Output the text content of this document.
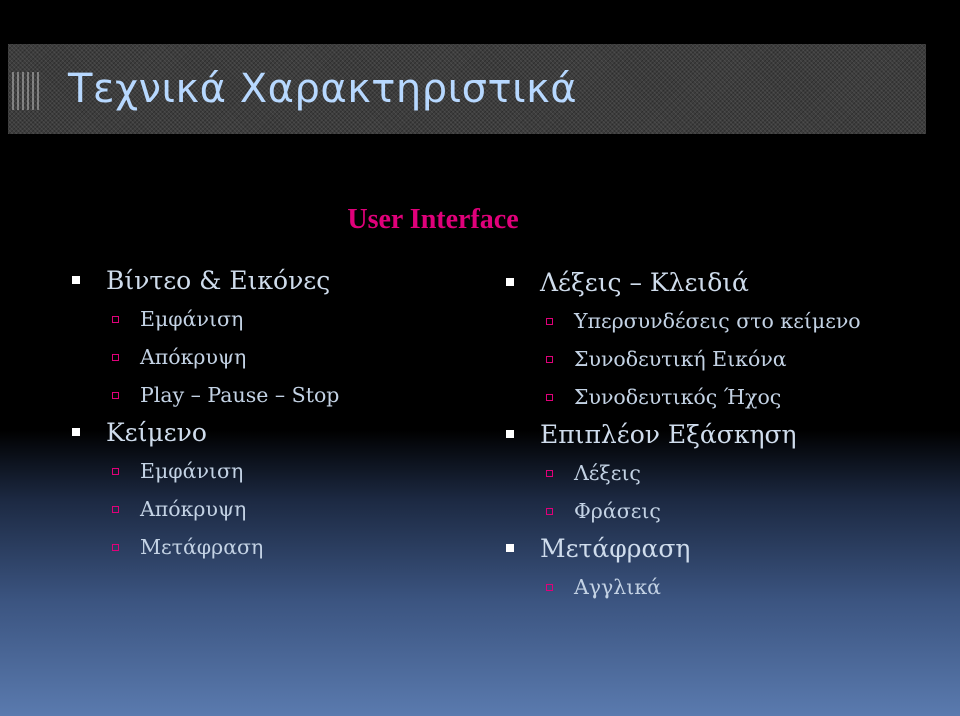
Τεχνικά Χαρακτηριστικά
User Interface
Βίντεο & Εικόνες
Εμφάνιση
Απόκρυψη
Play – Pause – Stop
Κείμενο
Εμφάνιση
Απόκρυψη
Μετάφραση
Λέξεις – Κλειδιά
Υπερσυνδέσεις στο κείμενο
Συνοδευτική Εικόνα
Συνοδευτικός Ήχος
Επιπλέον Εξάσκηση
Λέξεις
Φράσεις
Μετάφραση
Αγγλικά
